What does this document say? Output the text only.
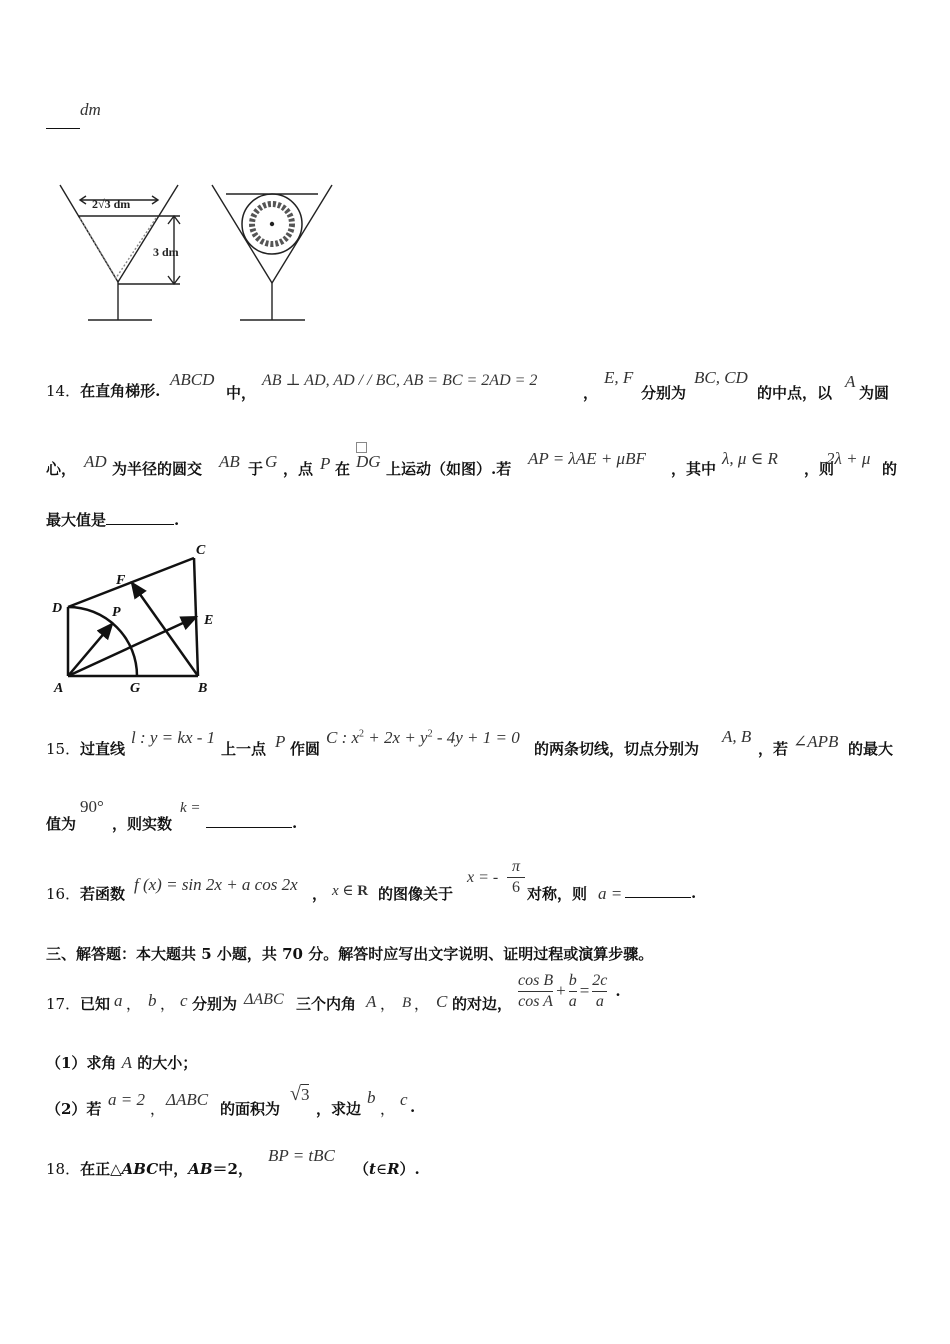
dm
2√3 dm
3 dm
14．在直角梯形.
ABCD
中，
AB ⊥ AD, AD / / BC, AB = BC = 2AD = 2
，
E, F
分别为
BC, CD
的中点，以
A
为圆
心， AD 为半径的圆交 AB 于 G ，点 P 在 DG 上运动（如图）.若
AP = λAE + μBF
，其中
λ, μ ∈ R
，则
2λ + μ
的
最大值是	.
A	B
C
D
E
F
G
P
15． 过直线
l : y = kx - 1
上一点 P 作圆
C : $x^2 + 2x + y^2 - 4y + 1 = 0$
的两条切线，切点分别为
A, B
，若 ∠APB 的最大
值为
90°
，则实数
k =
.
16． 若函数 f (x) = sin 2x + a cos 2x ， x ∈ R 的图像关于
x = -
π
6 对称，则 a =	.
三、解答题：本大题共 5 小题，共 70 分。解答时应写出文字说明、证明过程或演算步骤。
17． 已知 a ， b ， c 分别为 ΔABC 三个内角 A ， B ， C 的对边，
cos B
cos A
+
b
a
=
2c
a
.
（1）求角 A 的大小；
（2）若 a = 2 ， ΔABC 的面积为
√3
，求边
b
， c .
18．在正△ABC中，AB＝2，
BP = tBC
（t∈R）.
